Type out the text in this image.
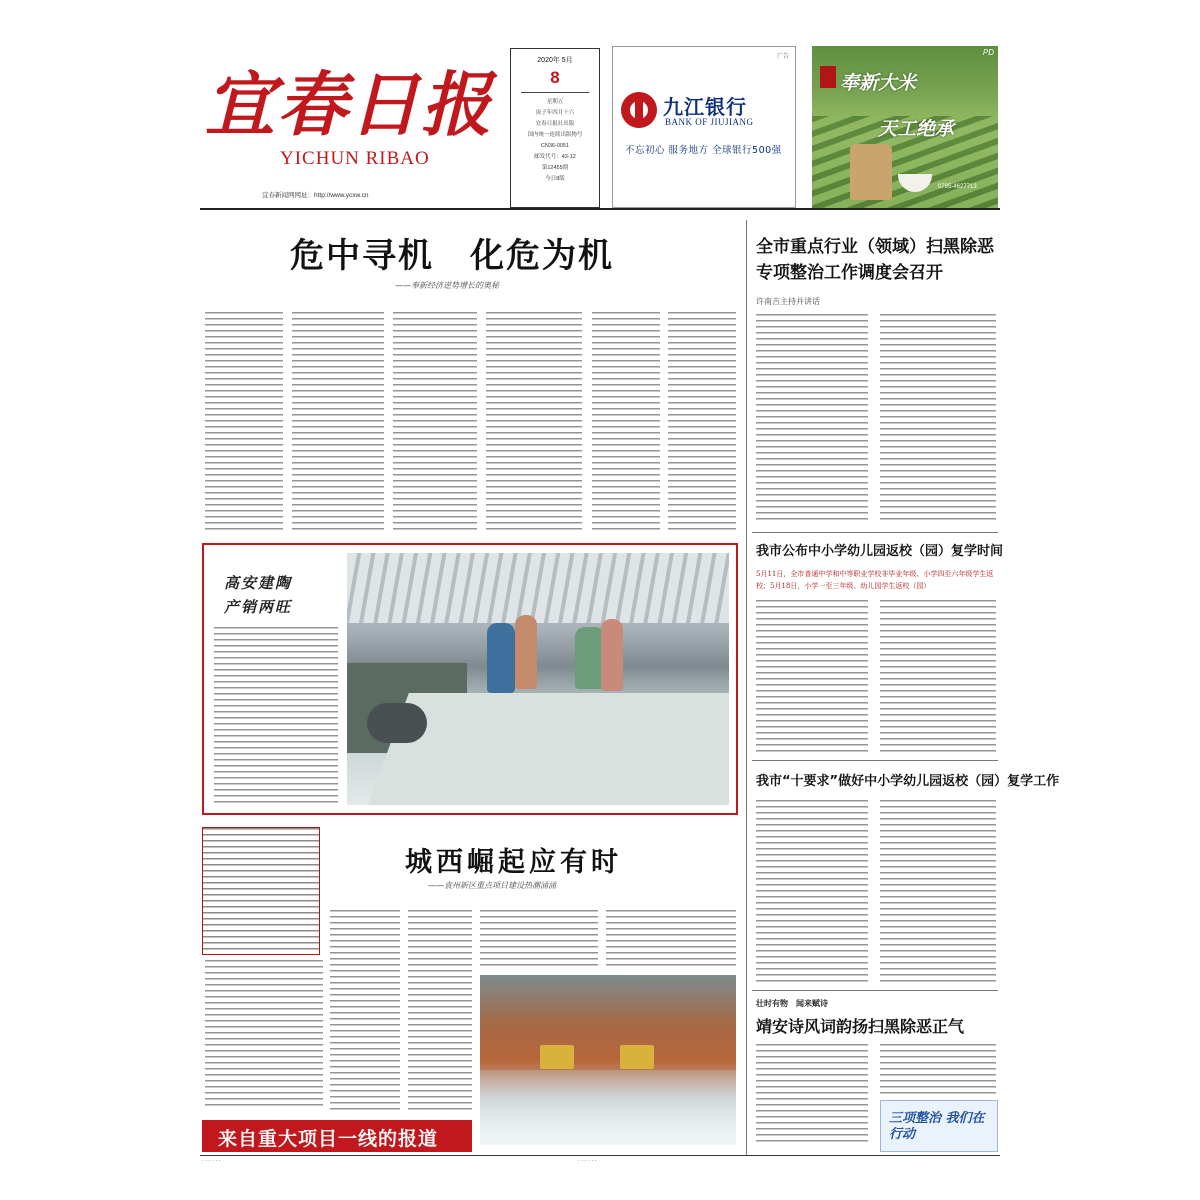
宜春日报
YICHUN RIBAO
宜春新闻网网址：http://www.ycxw.cn
2020年 5月
8
星期五
庚子年四月十六
宜春日报社出版
国内统一连续出版物号
CN36-0051
邮发代号：43-12
第12455期
今日8版
广告
九江银行
BANK OF JIUJIANG
不忘初心 服务地方 全球银行500强
PD
奉新大米
天工绝承
0795-4627713
危中寻机　化危为机
——奉新经济逆势增长的奥秘
全市重点行业（领域）扫黑除恶
专项整治工作调度会召开
许南吉主持并讲话
我市公布中小学幼儿园返校（园）复学时间
5月11日，全市普通中学和中等职业学校非毕业年级、小学四至六年级学生返校；5月18日，小学一至三年级、幼儿园学生返校（园）
我市“十要求”做好中小学幼儿园返校（园）复学工作
壮时有物　闻来赋诗
靖安诗风词韵扬扫黑除恶正气
三项整治 我们在行动
高安建陶
产销两旺
城西崛起应有时
——袁州新区重点项目建设热潮涌涌
来自重大项目一线的报道
· · · · · ·	· · · · · ·
